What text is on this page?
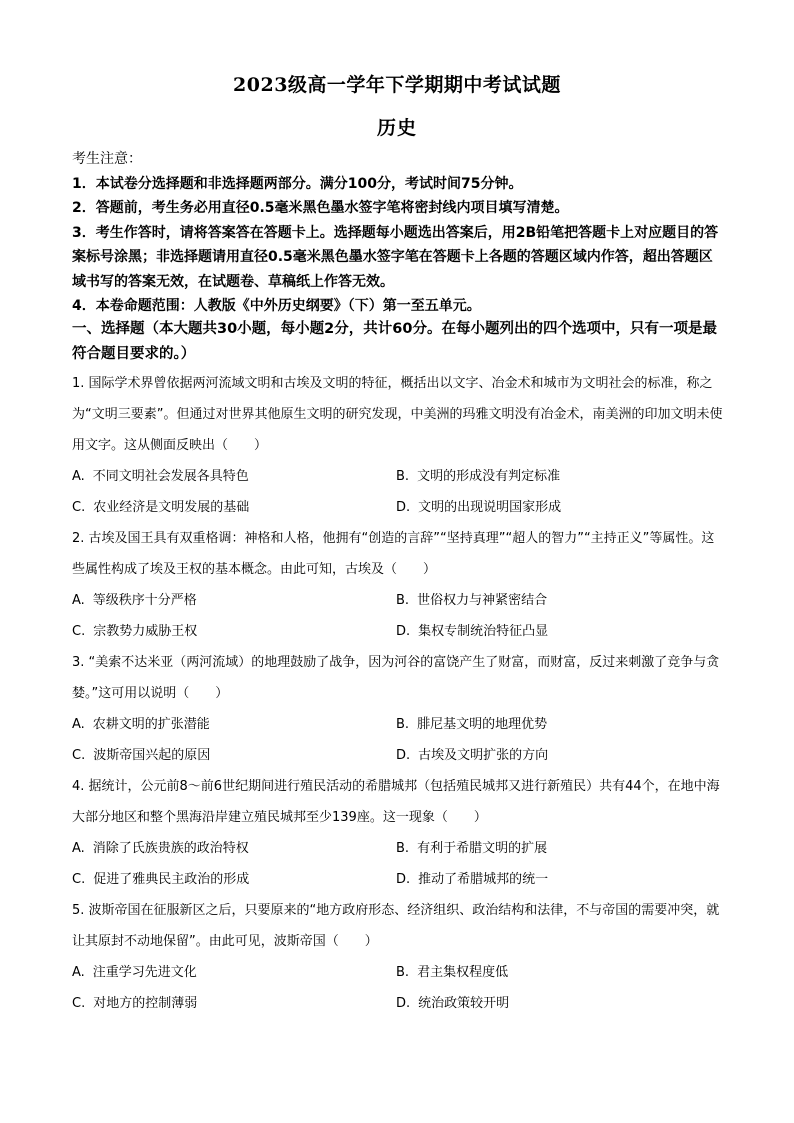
2023级高一学年下学期期中考试试题
历史

考生注意：

1．本试卷分选择题和非选择题两部分。满分100分，考试时间75分钟。

2．答题前，考生务必用直径0.5毫米黑色墨水签字笔将密封线内项目填写清楚。

3．考生作答时，请将答案答在答题卡上。选择题每小题选出答案后，用2B铅笔把答题卡上对应题目的答案标号涂黑；非选择题请用直径0.5毫米黑色墨水签字笔在答题卡上各题的答题区域内作答，超出答题区域书写的答案无效，在试题卷、草稿纸上作答无效。

4．本卷命题范围：人教版《中外历史纲要》（下）第一至五单元。

一、选择题（本大题共30小题，每小题2分，共计60分。在每小题列出的四个选项中，只有一项是最符合题目要求的。）

1. 国际学术界曾依据两河流域文明和古埃及文明的特征，概括出以文字、冶金术和城市为文明社会的标准，称之为“文明三要素”。但通过对世界其他原生文明的研究发现，中美洲的玛雅文明没有冶金术，南美洲的印加文明未使用文字。这从侧面反映出（　　）

A. 不同文明社会发展各具特色	B. 文明的形成没有判定标准
C. 农业经济是文明发展的基础	D. 文明的出现说明国家形成

2. 古埃及国王具有双重格调：神格和人格，他拥有“创造的言辞”“坚持真理”“超人的智力”“主持正义”等属性。这些属性构成了埃及王权的基本概念。由此可知，古埃及（　　）

A. 等级秩序十分严格	B. 世俗权力与神紧密结合
C. 宗教势力威胁王权	D. 集权专制统治特征凸显

3. “美索不达米亚（两河流域）的地理鼓励了战争，因为河谷的富饶产生了财富，而财富，反过来刺激了竞争与贪婪。”这可用以说明（　　）

A. 农耕文明的扩张潜能	B. 腓尼基文明的地理优势
C. 波斯帝国兴起的原因	D. 古埃及文明扩张的方向

4. 据统计，公元前8～前6世纪期间进行殖民活动的希腊城邦（包括殖民城邦又进行新殖民）共有44个，在地中海大部分地区和整个黑海沿岸建立殖民城邦至少139座。这一现象（　　）

A. 消除了氏族贵族的政治特权	B. 有利于希腊文明的扩展
C. 促进了雅典民主政治的形成	D. 推动了希腊城邦的统一

5. 波斯帝国在征服新区之后，只要原来的“地方政府形态、经济组织、政治结构和法律，不与帝国的需要冲突，就让其原封不动地保留”。由此可见，波斯帝国（　　）

A. 注重学习先进文化	B. 君主集权程度低
C. 对地方的控制薄弱	D. 统治政策较开明
